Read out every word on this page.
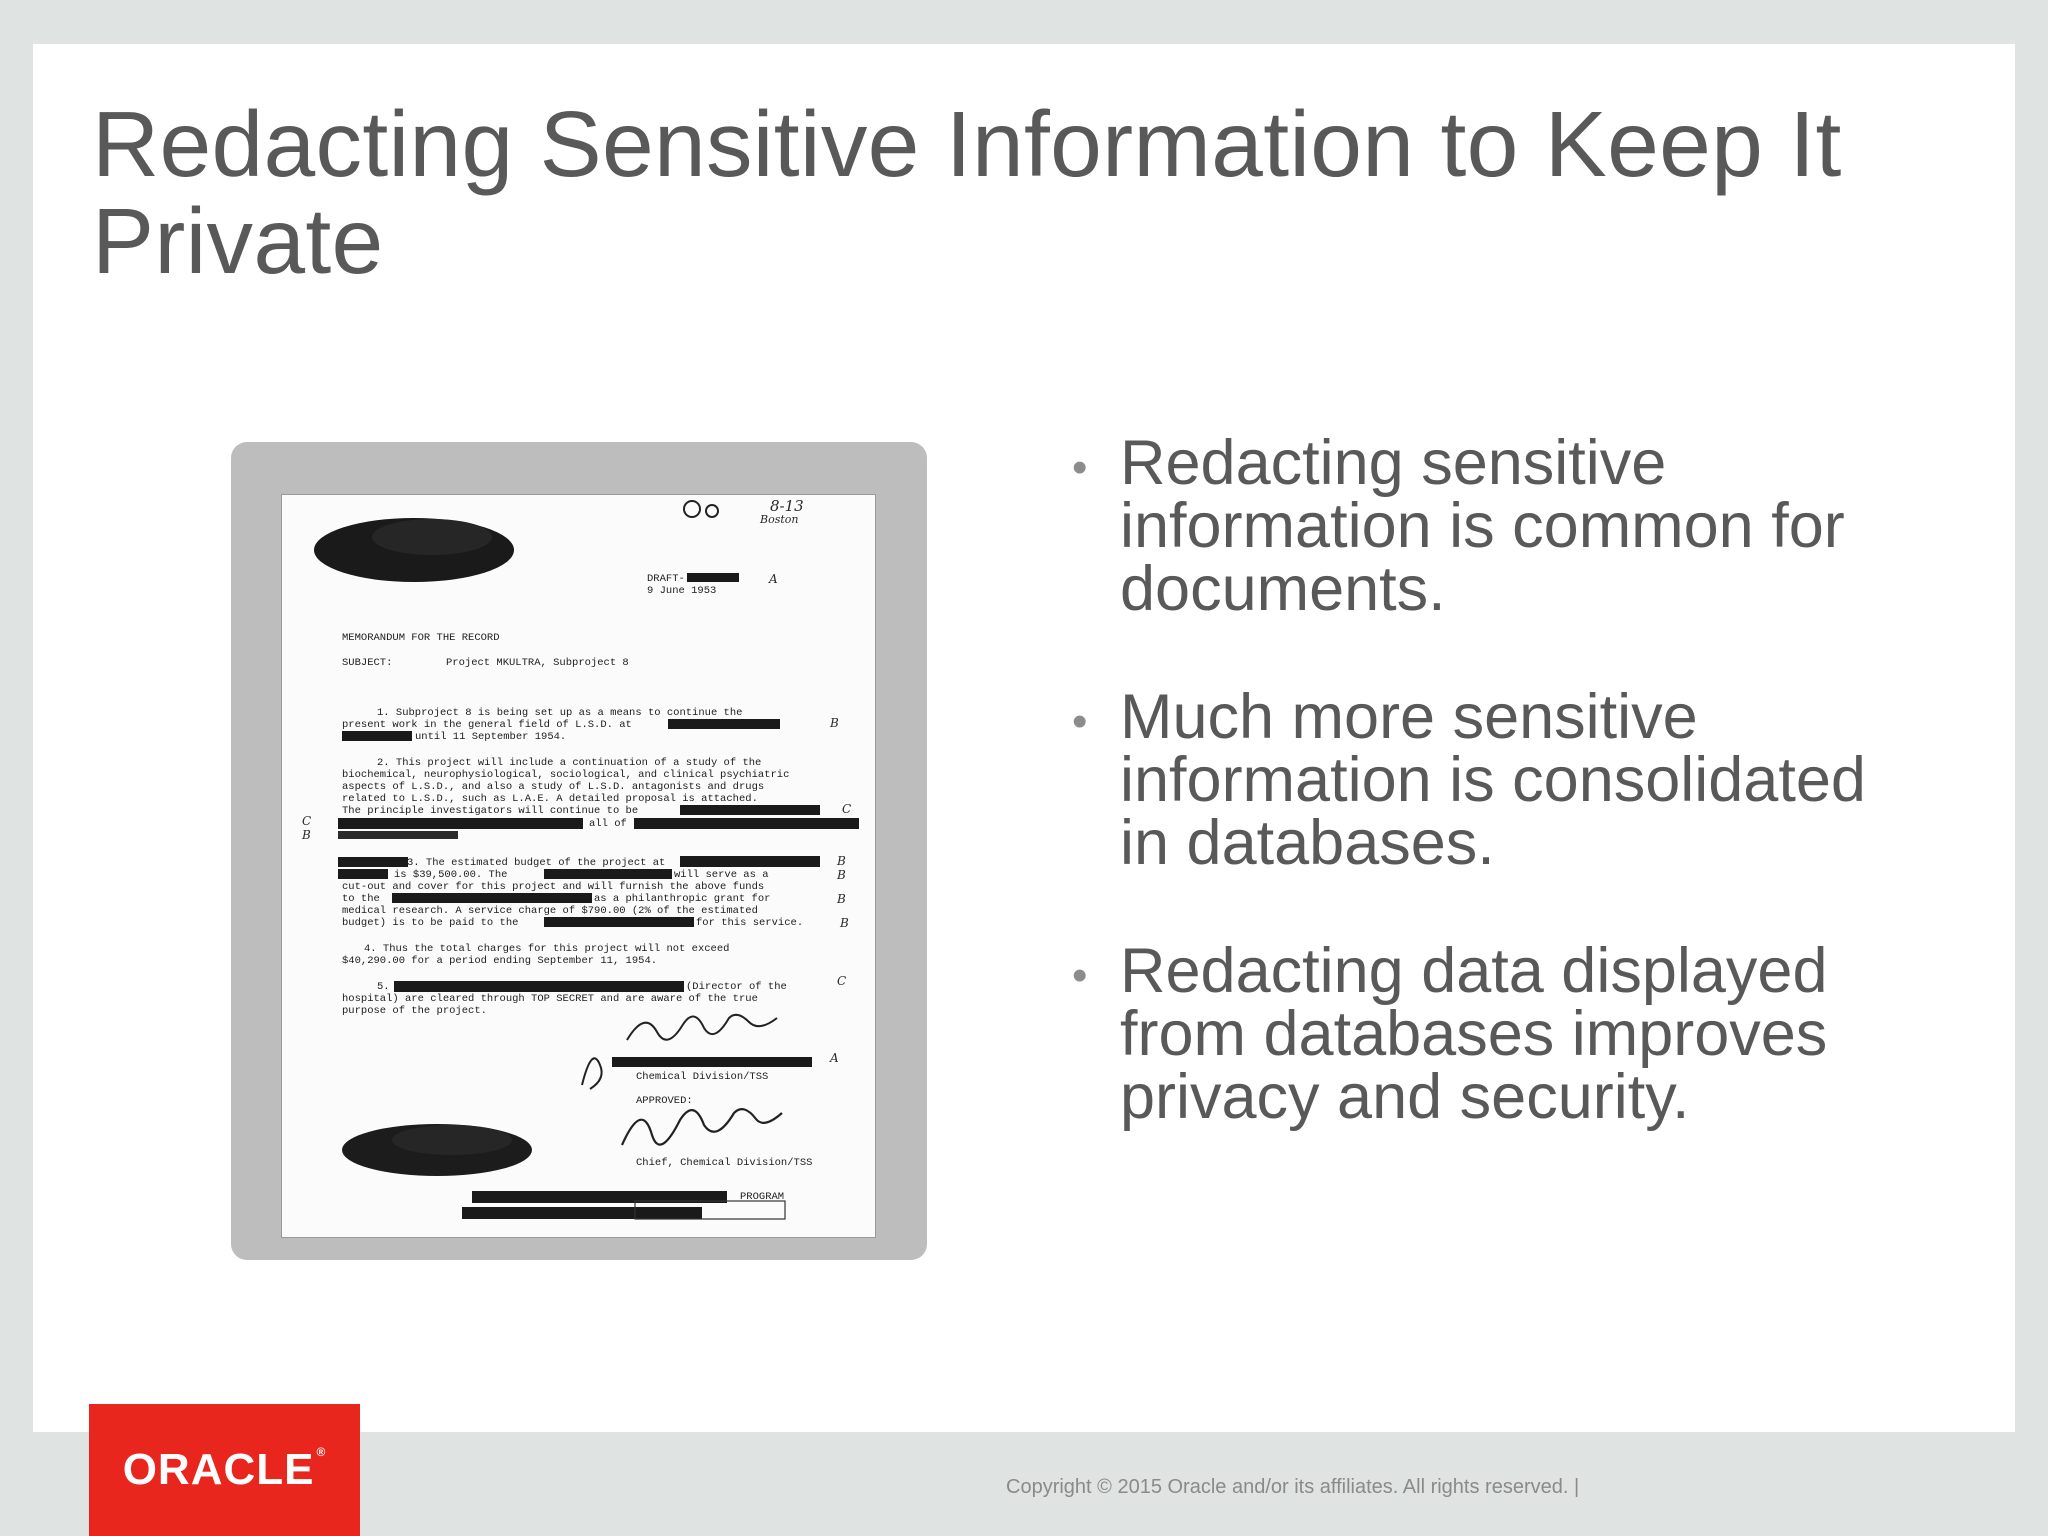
Redacting Sensitive Information to Keep It Private
8-13
Boston
DRAFT-	A
9 June 1953
MEMORANDUM FOR THE RECORD
SUBJECT:	Project MKULTRA, Subproject 8
1. Subproject 8 is being set up as a means to continue the
present work in the general field of L.S.D. at	B
until 11 September 1954.
2. This project will include a continuation of a study of the
biochemical, neurophysiological, sociological, and clinical psychiatric
aspects of L.S.D., and also a study of L.S.D. antagonists and drugs
related to L.S.D., such as L.A.E. A detailed proposal is attached.
The principle investigators will continue to be	C
all of
C
B
3. The estimated budget of the project at	B
is $39,500.00. The	will serve as a	B
cut-out and cover for this project and will furnish the above funds
to the	as a philanthropic grant for	B
medical research. A service charge of $790.00 (2% of the estimated
budget) is to be paid to the	for this service.	B
4. Thus the total charges for this project will not exceed
$40,290.00 for a period ending September 11, 1954.
5.	(Director of the	C
hospital) are cleared through TOP SECRET and are aware of the true
purpose of the project.
A
Chemical Division/TSS
APPROVED:
Chief, Chemical Division/TSS
PROGRAM
• Redacting sensitive information is common for documents.
• Much more sensitive information is consolidated in databases.
• Redacting data displayed from databases improves privacy and security.
ORACLE ®
Copyright © 2015 Oracle and/or its affiliates. All rights reserved. |
